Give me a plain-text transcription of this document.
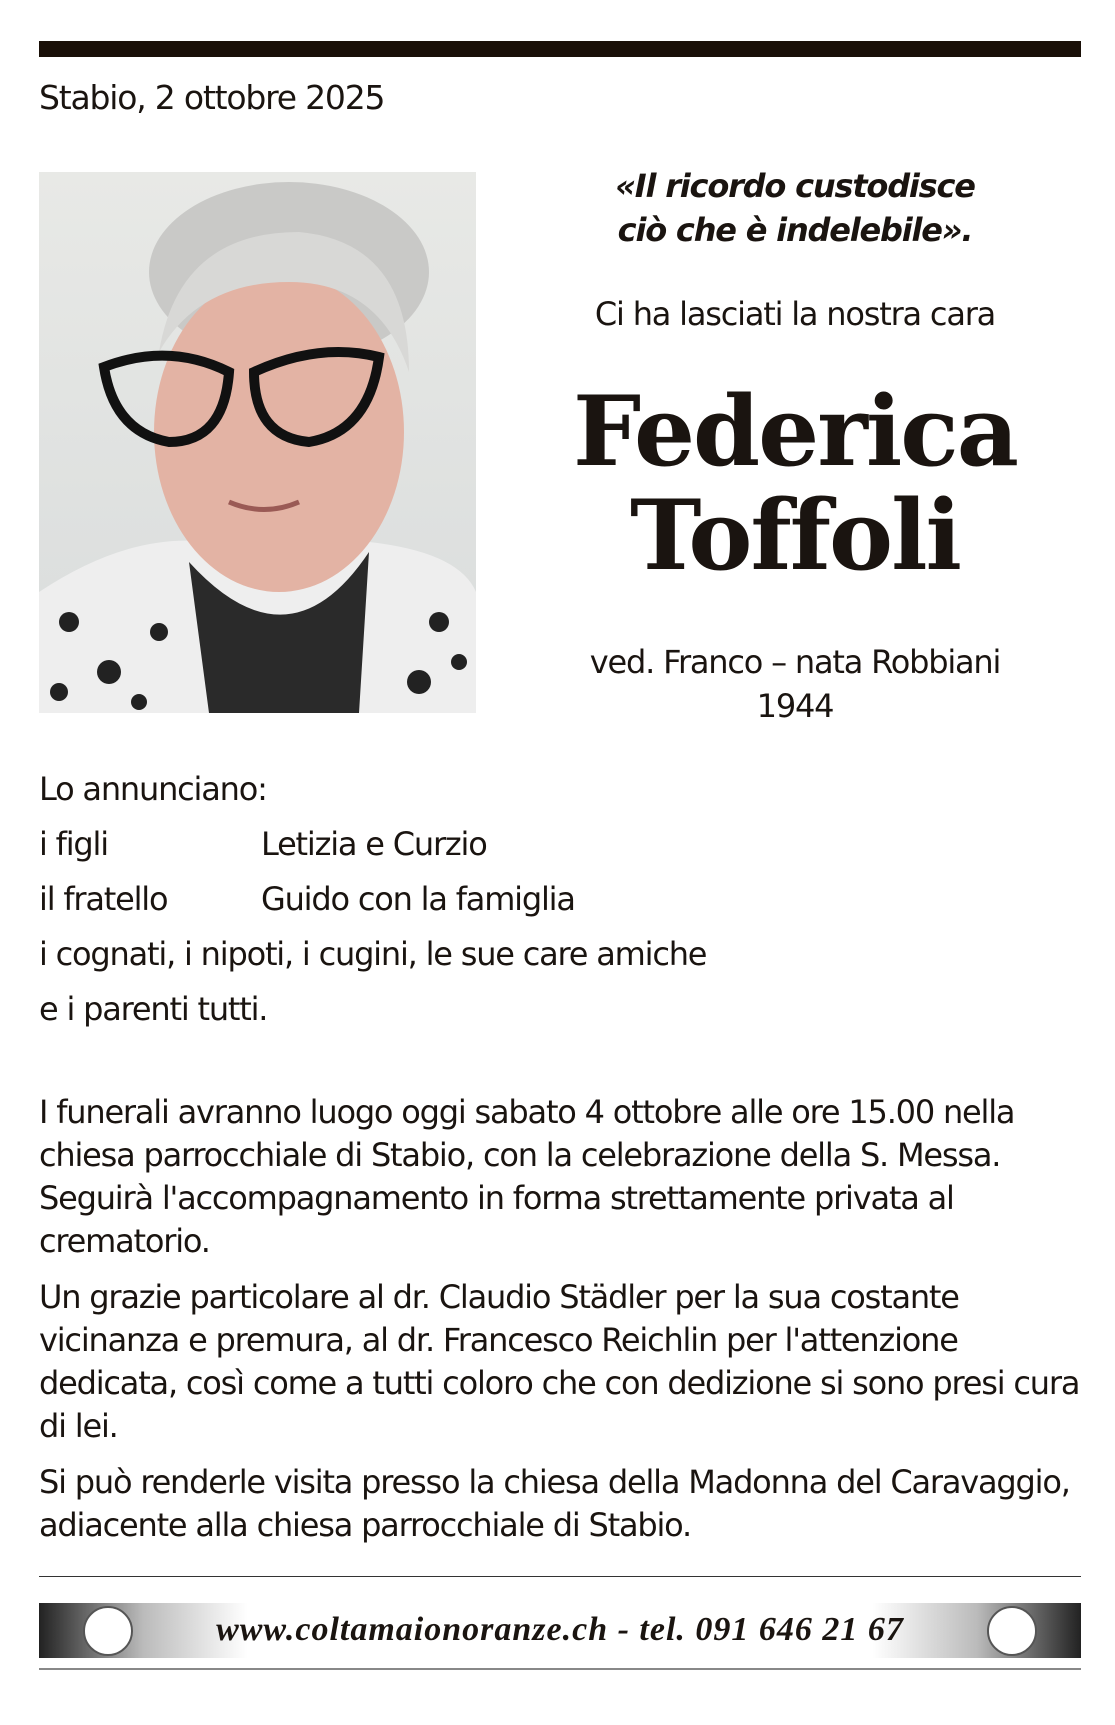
Stabio, 2 ottobre 2025
«Il ricordo custodisce
ciò che è indelebile».
Ci ha lasciati la nostra cara
Federica
Toffoli
ved. Franco – nata Robbiani
1944
Lo annunciano:
i figli	Letizia e Curzio
il fratello	Guido con la famiglia
i cognati, i nipoti, i cugini, le sue care amiche
e i parenti tutti.
I funerali avranno luogo oggi sabato 4 ottobre alle ore 15.00 nella chiesa parrocchiale di Stabio, con la celebrazione della S. Messa. Seguirà l'accompagnamento in forma strettamente privata al crematorio.
Un grazie particolare al dr. Claudio Städler per la sua costante vicinanza e premura, al dr. Francesco Reichlin per l'attenzione dedicata, così come a tutti coloro che con dedizione si sono presi cura di lei.
Si può renderle visita presso la chiesa della Madonna del Caravaggio, adiacente alla chiesa parrocchiale di Stabio.
www.coltamaionoranze.ch - tel. 091 646 21 67
